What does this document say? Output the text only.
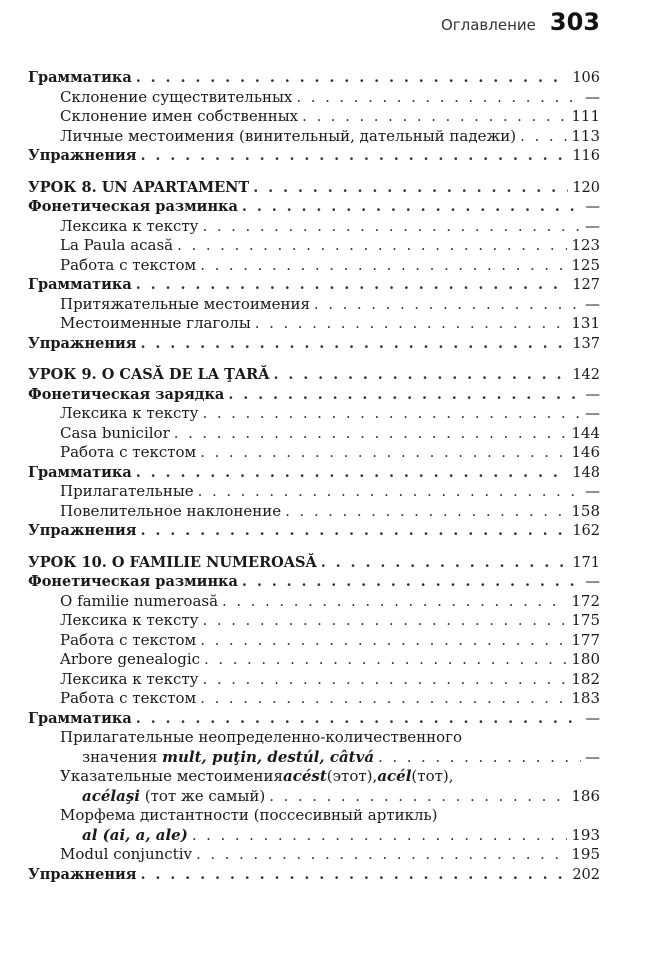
Оглавление 303
Грамматика . . .	106
Склонение существительных . . .	—
Склонение имен собственных . . .	111
Личные местоимения (винительный, дательный падежи) . . .	113
Упражнения . . .	116
УРОК 8. UN APARTAMENT . . .	120
Фонетическая разминка . . .	—
Лексика к тексту . . .	—
La Paula acasă . . .	123
Работа с текстом . . .	125
Грамматика . . .	127
Притяжательные местоимения . . .	—
Местоименные глаголы . . .	131
Упражнения . . .	137
УРОК 9. O CASĂ DE LA ŢARĂ . . .	142
Фонетическая зарядка . . .	—
Лексика к тексту . . .	—
Casa bunicilor . . .	144
Работа с текстом . . .	146
Грамматика . . .	148
Прилагательные . . .	—
Повелительное наклонение . . .	158
Упражнения . . .	162
УРОК 10. O FAMILIE NUMEROASĂ . . .	171
Фонетическая разминка . . .	—
O familie numeroasă . . .	172
Лексика к тексту . . .	175
Работа с текстом . . .	177
Arbore genealogic . . .	180
Лексика к тексту . . .	182
Работа с текстом . . .	183
Грамматика . . .	—
Прилагательные неопределенно-количественного
значения mult, puţin, destúl, câtvá . . .	—
Указательные местоимения acést (этот), acél (тот),
acélaşi (тот же самый) . . .	186
Морфема дистантности (поссесивный артикль)
al (ai, a, ale) . . .	193
Modul conjunctiv . . .	195
Упражнения . . .	202
